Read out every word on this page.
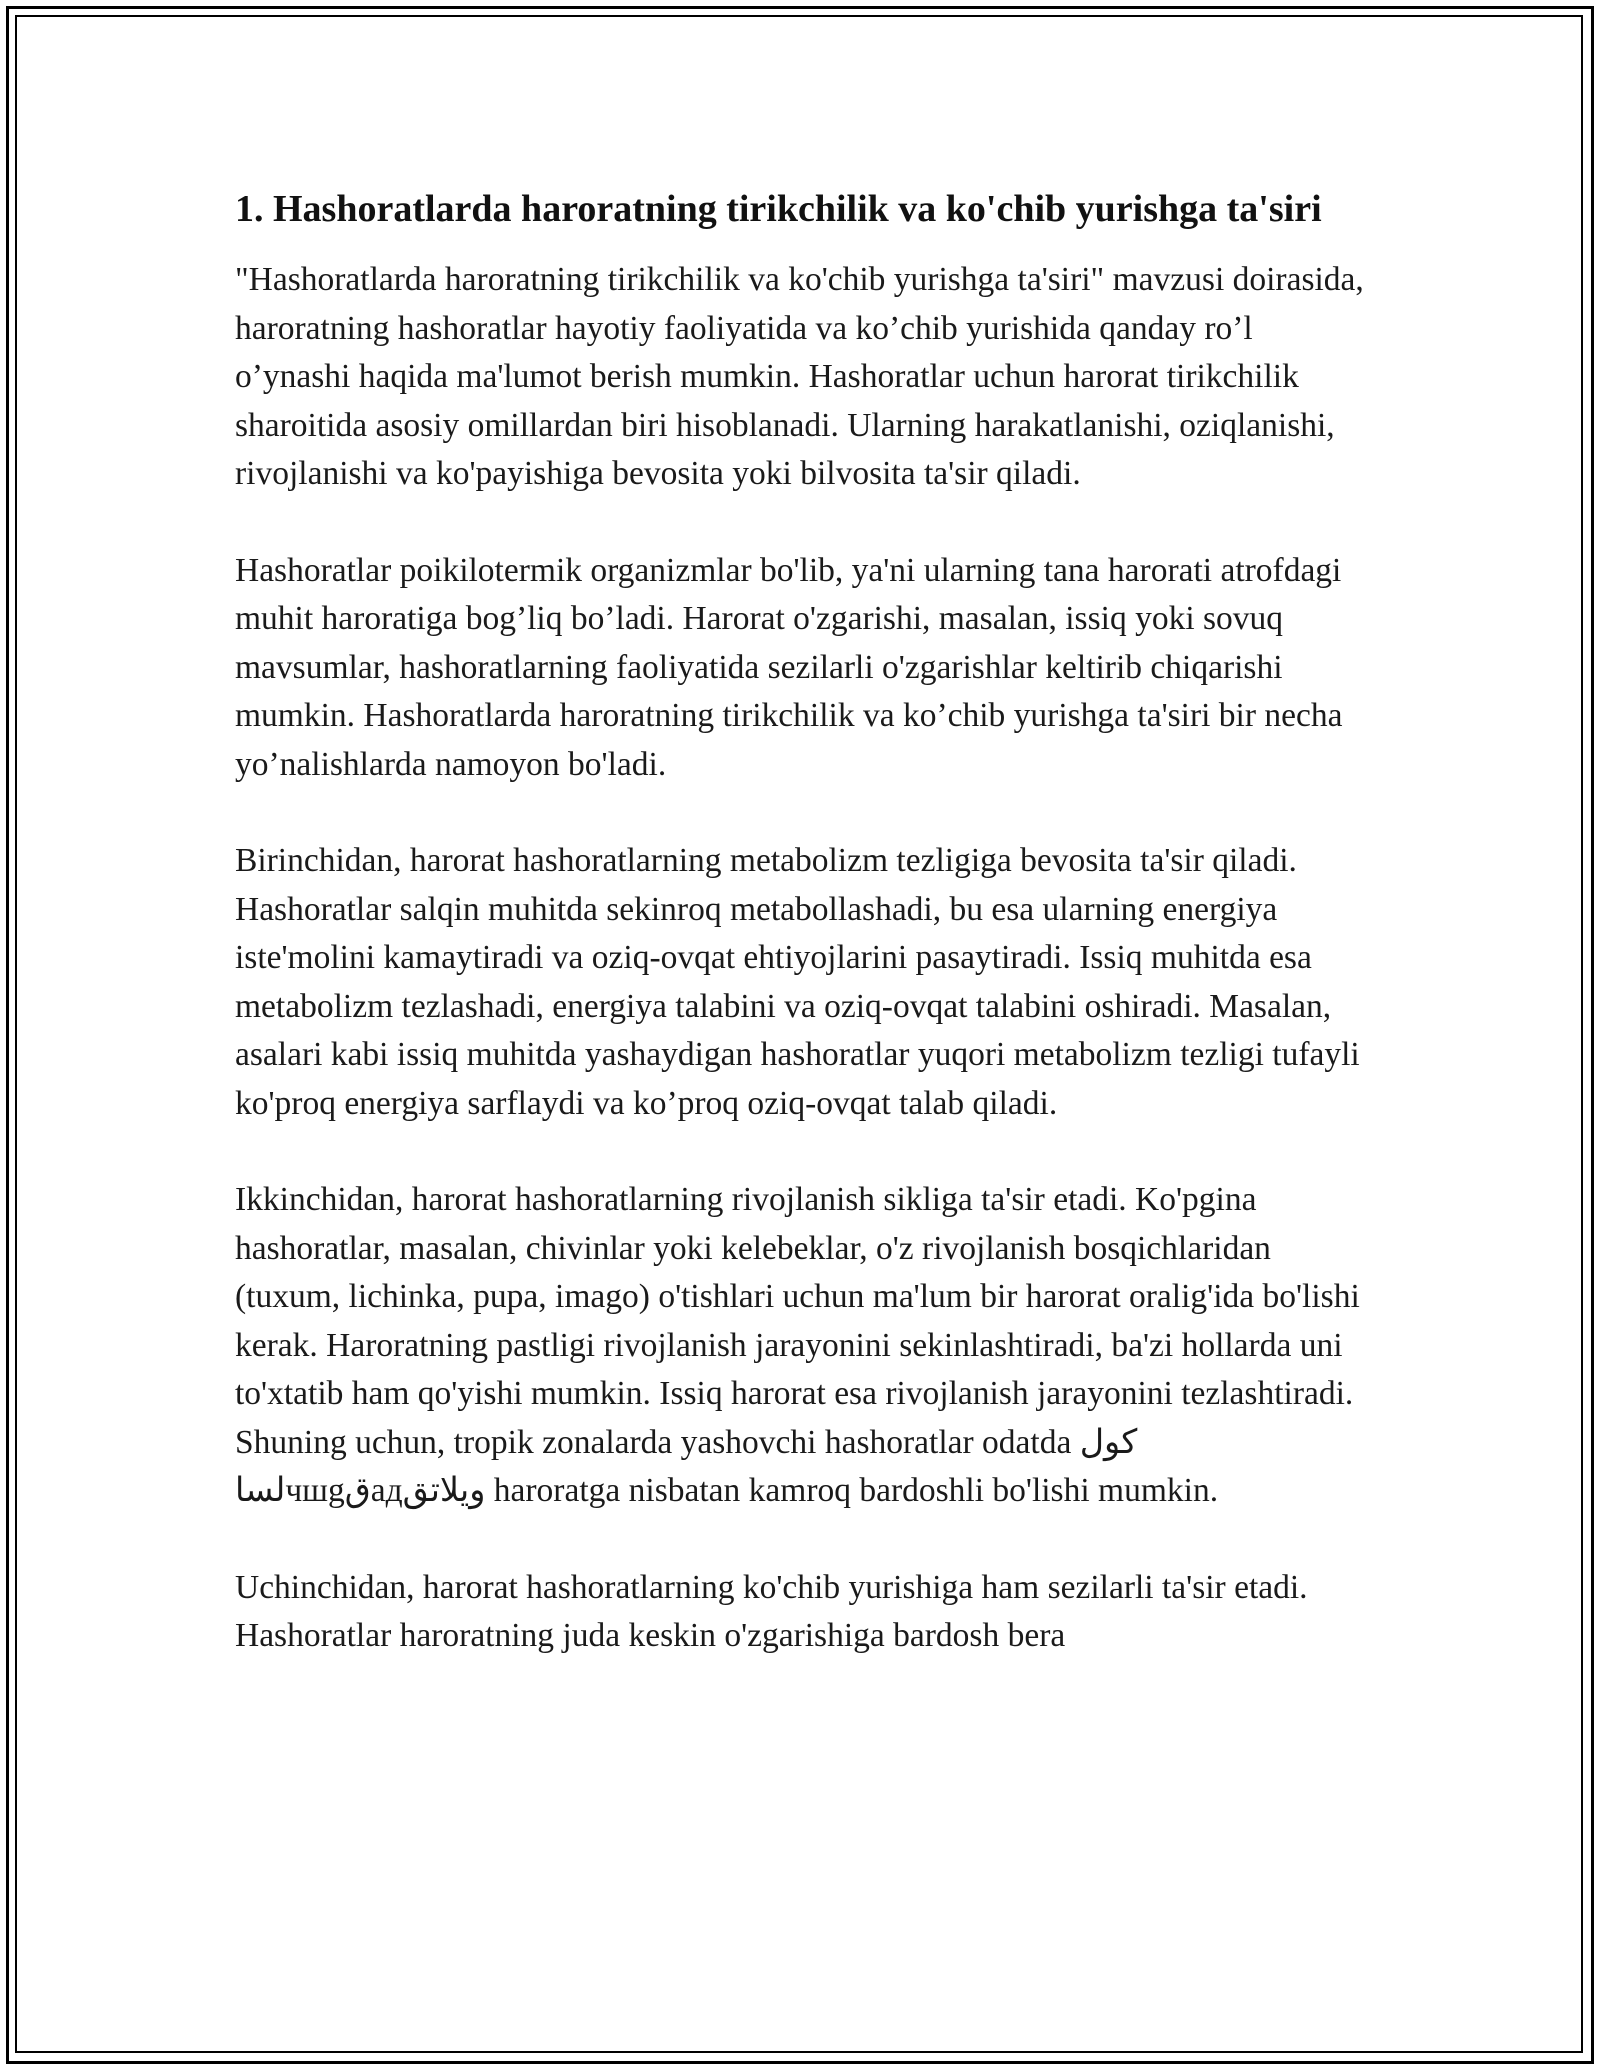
1. Hashoratlarda haroratning tirikchilik va ko'chib yurishga ta'siri

"Hashoratlarda haroratning tirikchilik va ko'chib yurishga ta'siri" mavzusi doirasida, haroratning hashoratlar hayotiy faoliyatida va ko’chib yurishida qanday ro’l o’ynashi haqida ma'lumot berish mumkin. Hashoratlar uchun harorat tirikchilik sharoitida asosiy omillardan biri hisoblanadi. Ularning harakatlanishi, oziqlanishi, rivojlanishi va ko'payishiga bevosita yoki bilvosita ta'sir qiladi.

Hashoratlar poikilotermik organizmlar bo'lib, ya'ni ularning tana harorati atrofdagi muhit haroratiga bog’liq bo’ladi. Harorat o'zgarishi, masalan, issiq yoki sovuq mavsumlar, hashoratlarning faoliyatida sezilarli o'zgarishlar keltirib chiqarishi mumkin. Hashoratlarda haroratning tirikchilik va ko’chib yurishga ta'siri bir necha yo’nalishlarda namoyon bo'ladi.

Birinchidan, harorat hashoratlarning metabolizm tezligiga bevosita ta'sir qiladi. Hashoratlar salqin muhitda sekinroq metabollashadi, bu esa ularning energiya iste'molini kamaytiradi va oziq-ovqat ehtiyojlarini pasaytiradi. Issiq muhitda esa metabolizm tezlashadi, energiya talabini va oziq-ovqat talabini oshiradi. Masalan, asalari kabi issiq muhitda yashaydigan hashoratlar yuqori metabolizm tezligi tufayli ko'proq energiya sarflaydi va ko’proq oziq-ovqat talab qiladi.

Ikkinchidan, harorat hashoratlarning rivojlanish sikliga ta'sir etadi. Ko'pgina hashoratlar, masalan, chivinlar yoki kelebeklar, o'z rivojlanish bosqichlaridan (tuxum, lichinka, pupa, imago) o'tishlari uchun ma'lum bir harorat oralig'ida bo'lishi kerak. Haroratning pastligi rivojlanish jarayonini sekinlashtiradi, ba'zi hollarda uni to'xtatib ham qo'yishi mumkin. Issiq harorat esa rivojlanish jarayonini tezlashtiradi. Shuning uchun, tropik zonalarda yashovchi hashoratlar odatda كول لساчшgقaдويلاتق haroratga nisbatan kamroq bardoshli bo'lishi mumkin.

Uchinchidan, harorat hashoratlarning ko'chib yurishiga ham sezilarli ta'sir etadi. Hashoratlar haroratning juda keskin o'zgarishiga bardosh bera
